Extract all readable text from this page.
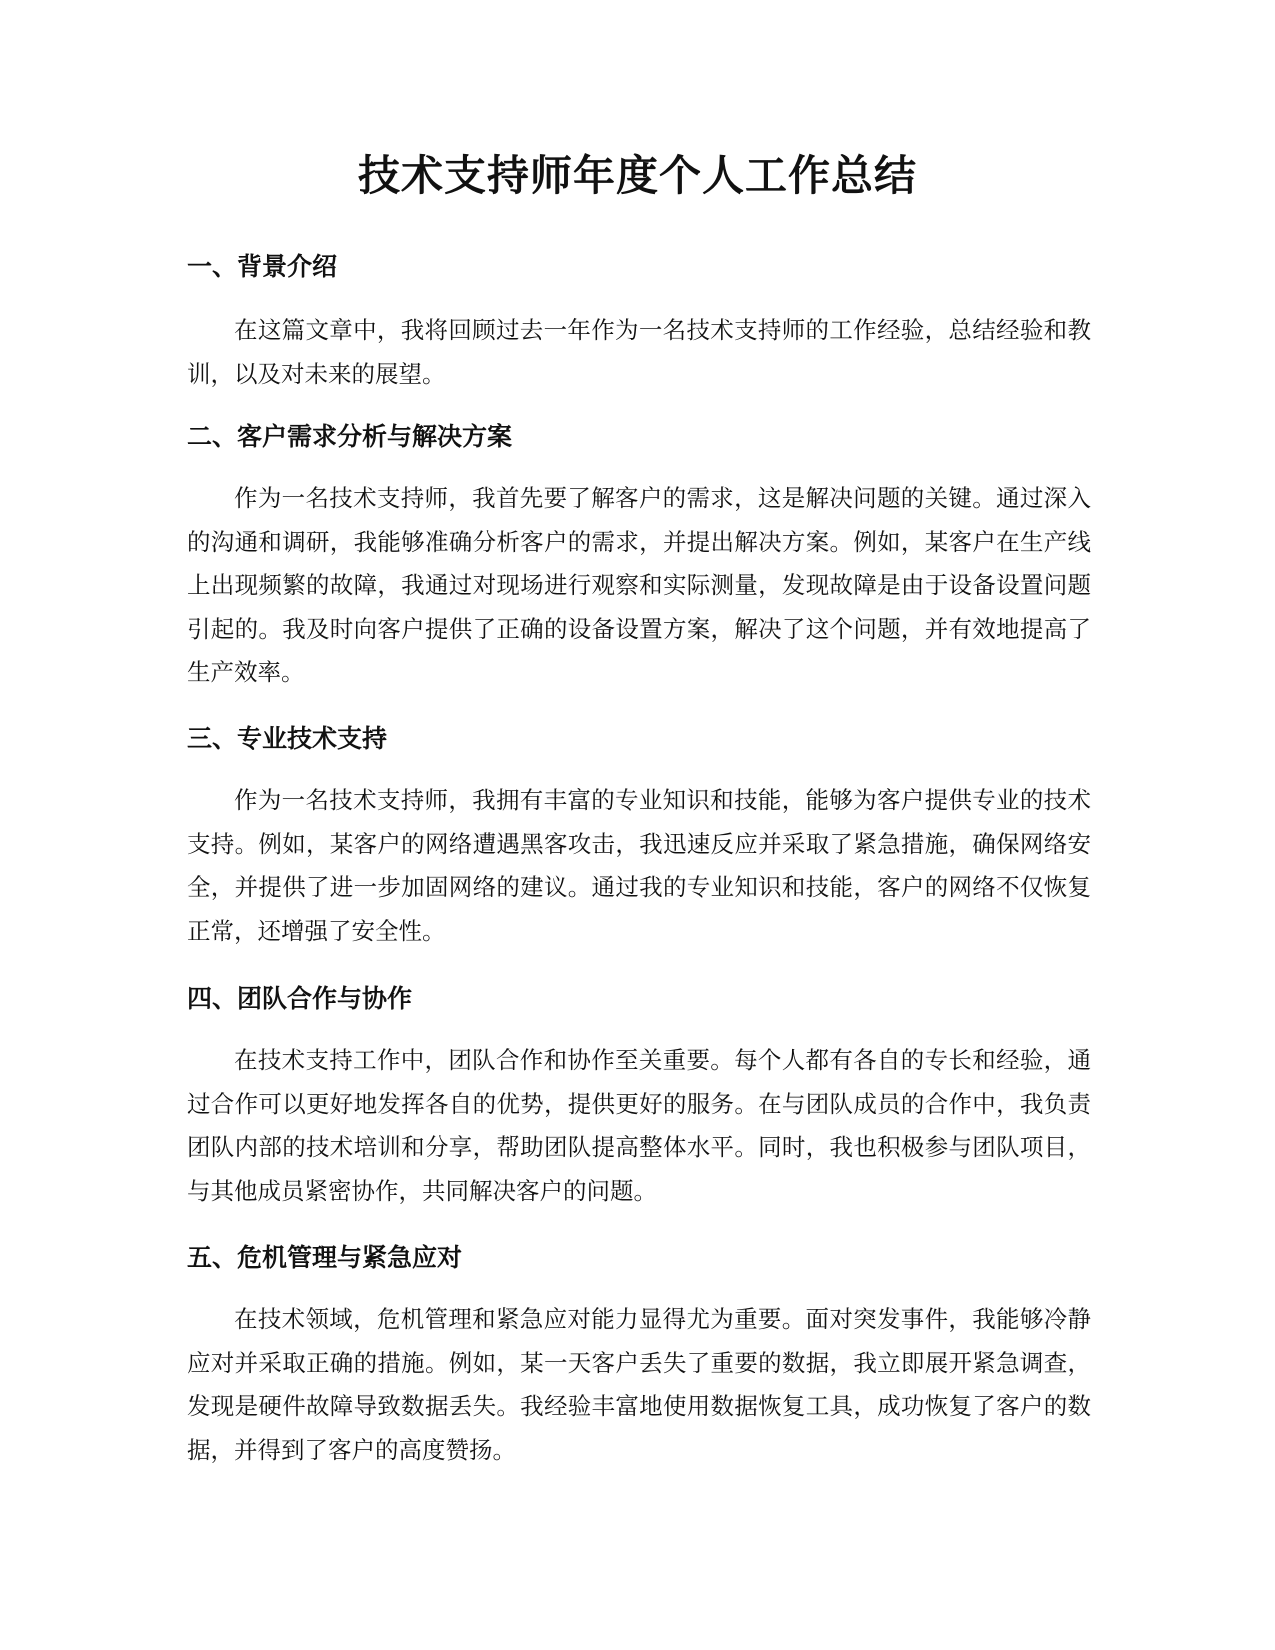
技术支持师年度个人工作总结
一、背景介绍

在这篇文章中，我将回顾过去一年作为一名技术支持师的工作经验，总结经验和教训，以及对未来的展望。

二、客户需求分析与解决方案

作为一名技术支持师，我首先要了解客户的需求，这是解决问题的关键。通过深入的沟通和调研，我能够准确分析客户的需求，并提出解决方案。例如，某客户在生产线上出现频繁的故障，我通过对现场进行观察和实际测量，发现故障是由于设备设置问题引起的。我及时向客户提供了正确的设备设置方案，解决了这个问题，并有效地提高了生产效率。

三、专业技术支持

作为一名技术支持师，我拥有丰富的专业知识和技能，能够为客户提供专业的技术支持。例如，某客户的网络遭遇黑客攻击，我迅速反应并采取了紧急措施，确保网络安全，并提供了进一步加固网络的建议。通过我的专业知识和技能，客户的网络不仅恢复正常，还增强了安全性。

四、团队合作与协作

在技术支持工作中，团队合作和协作至关重要。每个人都有各自的专长和经验，通过合作可以更好地发挥各自的优势，提供更好的服务。在与团队成员的合作中，我负责团队内部的技术培训和分享，帮助团队提高整体水平。同时，我也积极参与团队项目，与其他成员紧密协作，共同解决客户的问题。

五、危机管理与紧急应对

在技术领域，危机管理和紧急应对能力显得尤为重要。面对突发事件，我能够冷静应对并采取正确的措施。例如，某一天客户丢失了重要的数据，我立即展开紧急调查，发现是硬件故障导致数据丢失。我经验丰富地使用数据恢复工具，成功恢复了客户的数据，并得到了客户的高度赞扬。
